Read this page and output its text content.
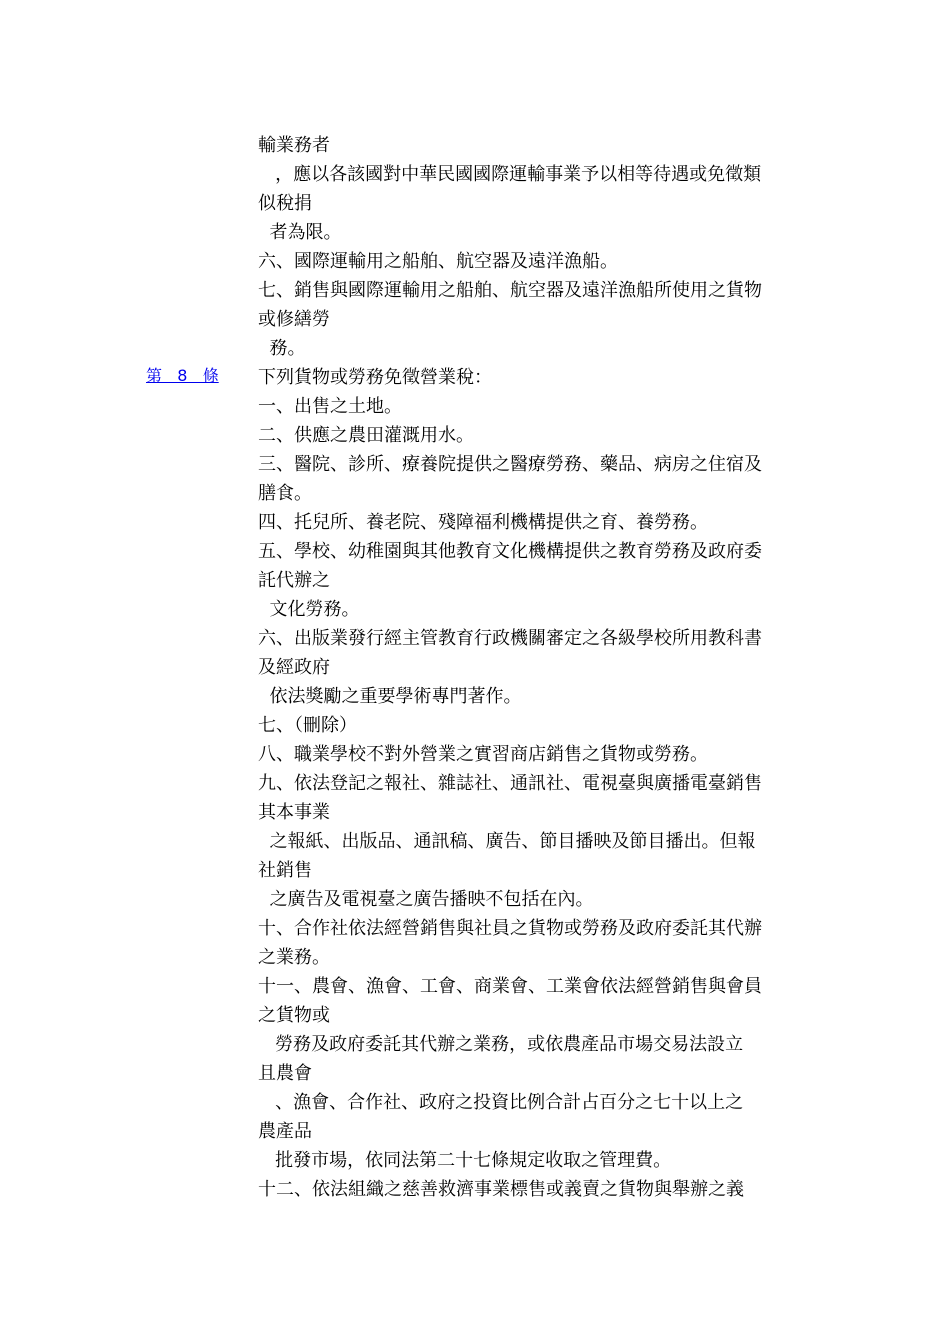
第   8   條
輸業務者
，應以各該國對中華民國國際運輸事業予以相等待遇或免徵類
似稅捐
者為限。
六、國際運輸用之船舶、航空器及遠洋漁船。
七、銷售與國際運輸用之船舶、航空器及遠洋漁船所使用之貨物
或修繕勞
務。
下列貨物或勞務免徵營業稅：
一、出售之土地。
二、供應之農田灌溉用水。
三、醫院、診所、療養院提供之醫療勞務、藥品、病房之住宿及
膳食。
四、托兒所、養老院、殘障福利機構提供之育、養勞務。
五、學校、幼稚園與其他教育文化機構提供之教育勞務及政府委
託代辦之
文化勞務。
六、出版業發行經主管教育行政機關審定之各級學校所用教科書
及經政府
依法獎勵之重要學術專門著作。
七、（刪除）
八、職業學校不對外營業之實習商店銷售之貨物或勞務。
九、依法登記之報社、雜誌社、通訊社、電視臺與廣播電臺銷售
其本事業
之報紙、出版品、通訊稿、廣告、節目播映及節目播出。但報
社銷售
之廣告及電視臺之廣告播映不包括在內。
十、合作社依法經營銷售與社員之貨物或勞務及政府委託其代辦
之業務。
十一、農會、漁會、工會、商業會、工業會依法經營銷售與會員
之貨物或
勞務及政府委託其代辦之業務，或依農產品市場交易法設立
且農會
、漁會、合作社、政府之投資比例合計占百分之七十以上之
農產品
批發市場，依同法第二十七條規定收取之管理費。
十二、依法組織之慈善救濟事業標售或義賣之貨物與舉辦之義
